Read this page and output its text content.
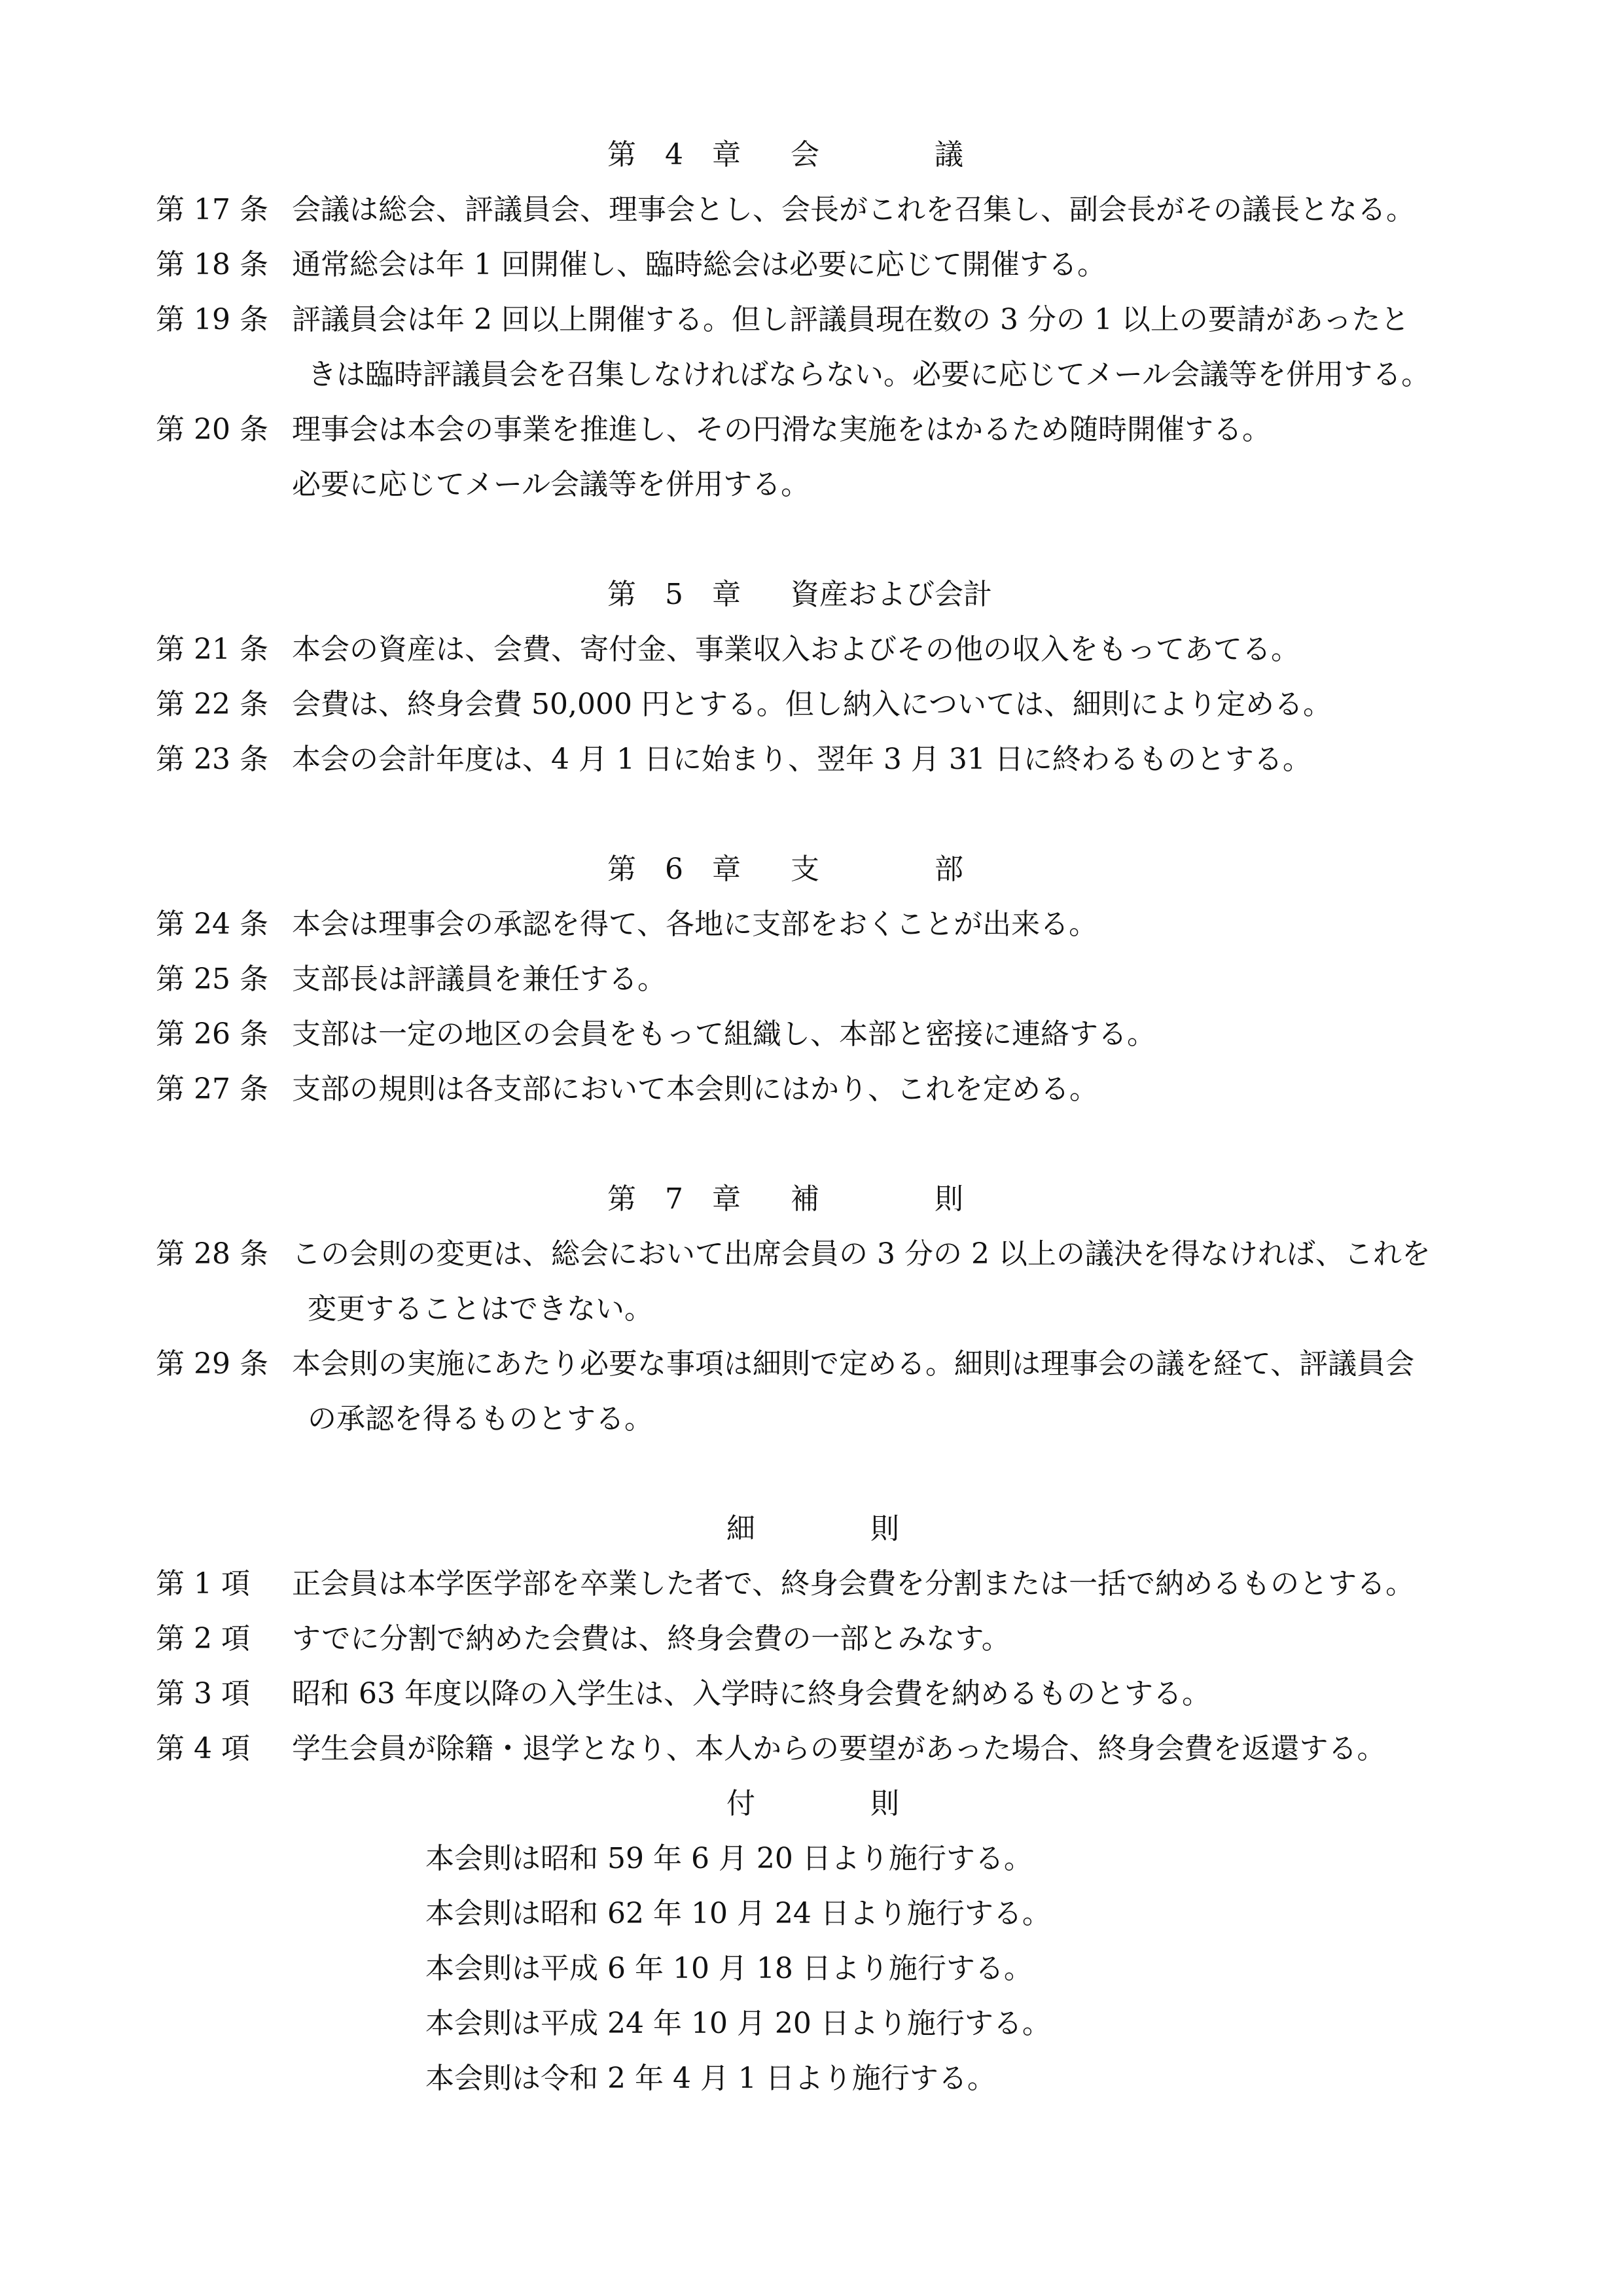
第　4　章

会　　　　議

第 17 条 会議は総会、評議員会、理事会とし、会長がこれを召集し、副会長がその議長となる。

第 18 条 通常総会は年 1 回開催し、臨時総会は必要に応じて開催する。

第 19 条 評議員会は年 2 回以上開催する。但し評議員現在数の 3 分の 1 以上の要請があったと

きは臨時評議員会を召集しなければならない。必要に応じてメール会議等を併用する。

第 20 条 理事会は本会の事業を推進し、その円滑な実施をはかるため随時開催する。

必要に応じてメール会議等を併用する。

第　5　章

資産および会計

第 21 条 本会の資産は、会費、寄付金、事業収入およびその他の収入をもってあてる。

第 22 条 会費は、終身会費 50,000 円とする。但し納入については、細則により定める。

第 23 条 本会の会計年度は、4 月 1 日に始まり、翌年 3 月 31 日に終わるものとする。

第　6　章

支　　　　部

第 24 条 本会は理事会の承認を得て、各地に支部をおくことが出来る。

第 25 条 支部長は評議員を兼任する。

第 26 条 支部は一定の地区の会員をもって組織し、本部と密接に連絡する。

第 27 条 支部の規則は各支部において本会則にはかり、これを定める。

第　7　章

補　　　　則

第 28 条 この会則の変更は、総会において出席会員の 3 分の 2 以上の議決を得なければ、これを

変更することはできない。

第 29 条 本会則の実施にあたり必要な事項は細則で定める。細則は理事会の議を経て、評議員会

の承認を得るものとする。

細　　　　則

第 1 項	正会員は本学医学部を卒業した者で、終身会費を分割または一括で納めるものとする。

第 2 項	すでに分割で納めた会費は、終身会費の一部とみなす。

第 3 項	昭和 63 年度以降の入学生は、入学時に終身会費を納めるものとする。

第 4 項	学生会員が除籍・退学となり、本人からの要望があった場合、終身会費を返還する。

付　　　　則

本会則は昭和 59 年 6 月 20 日より施行する。

本会則は昭和 62 年 10 月 24 日より施行する。

本会則は平成 6 年 10 月 18 日より施行する。

本会則は平成 24 年 10 月 20 日より施行する。

本会則は令和 2 年 4 月 1 日より施行する。
